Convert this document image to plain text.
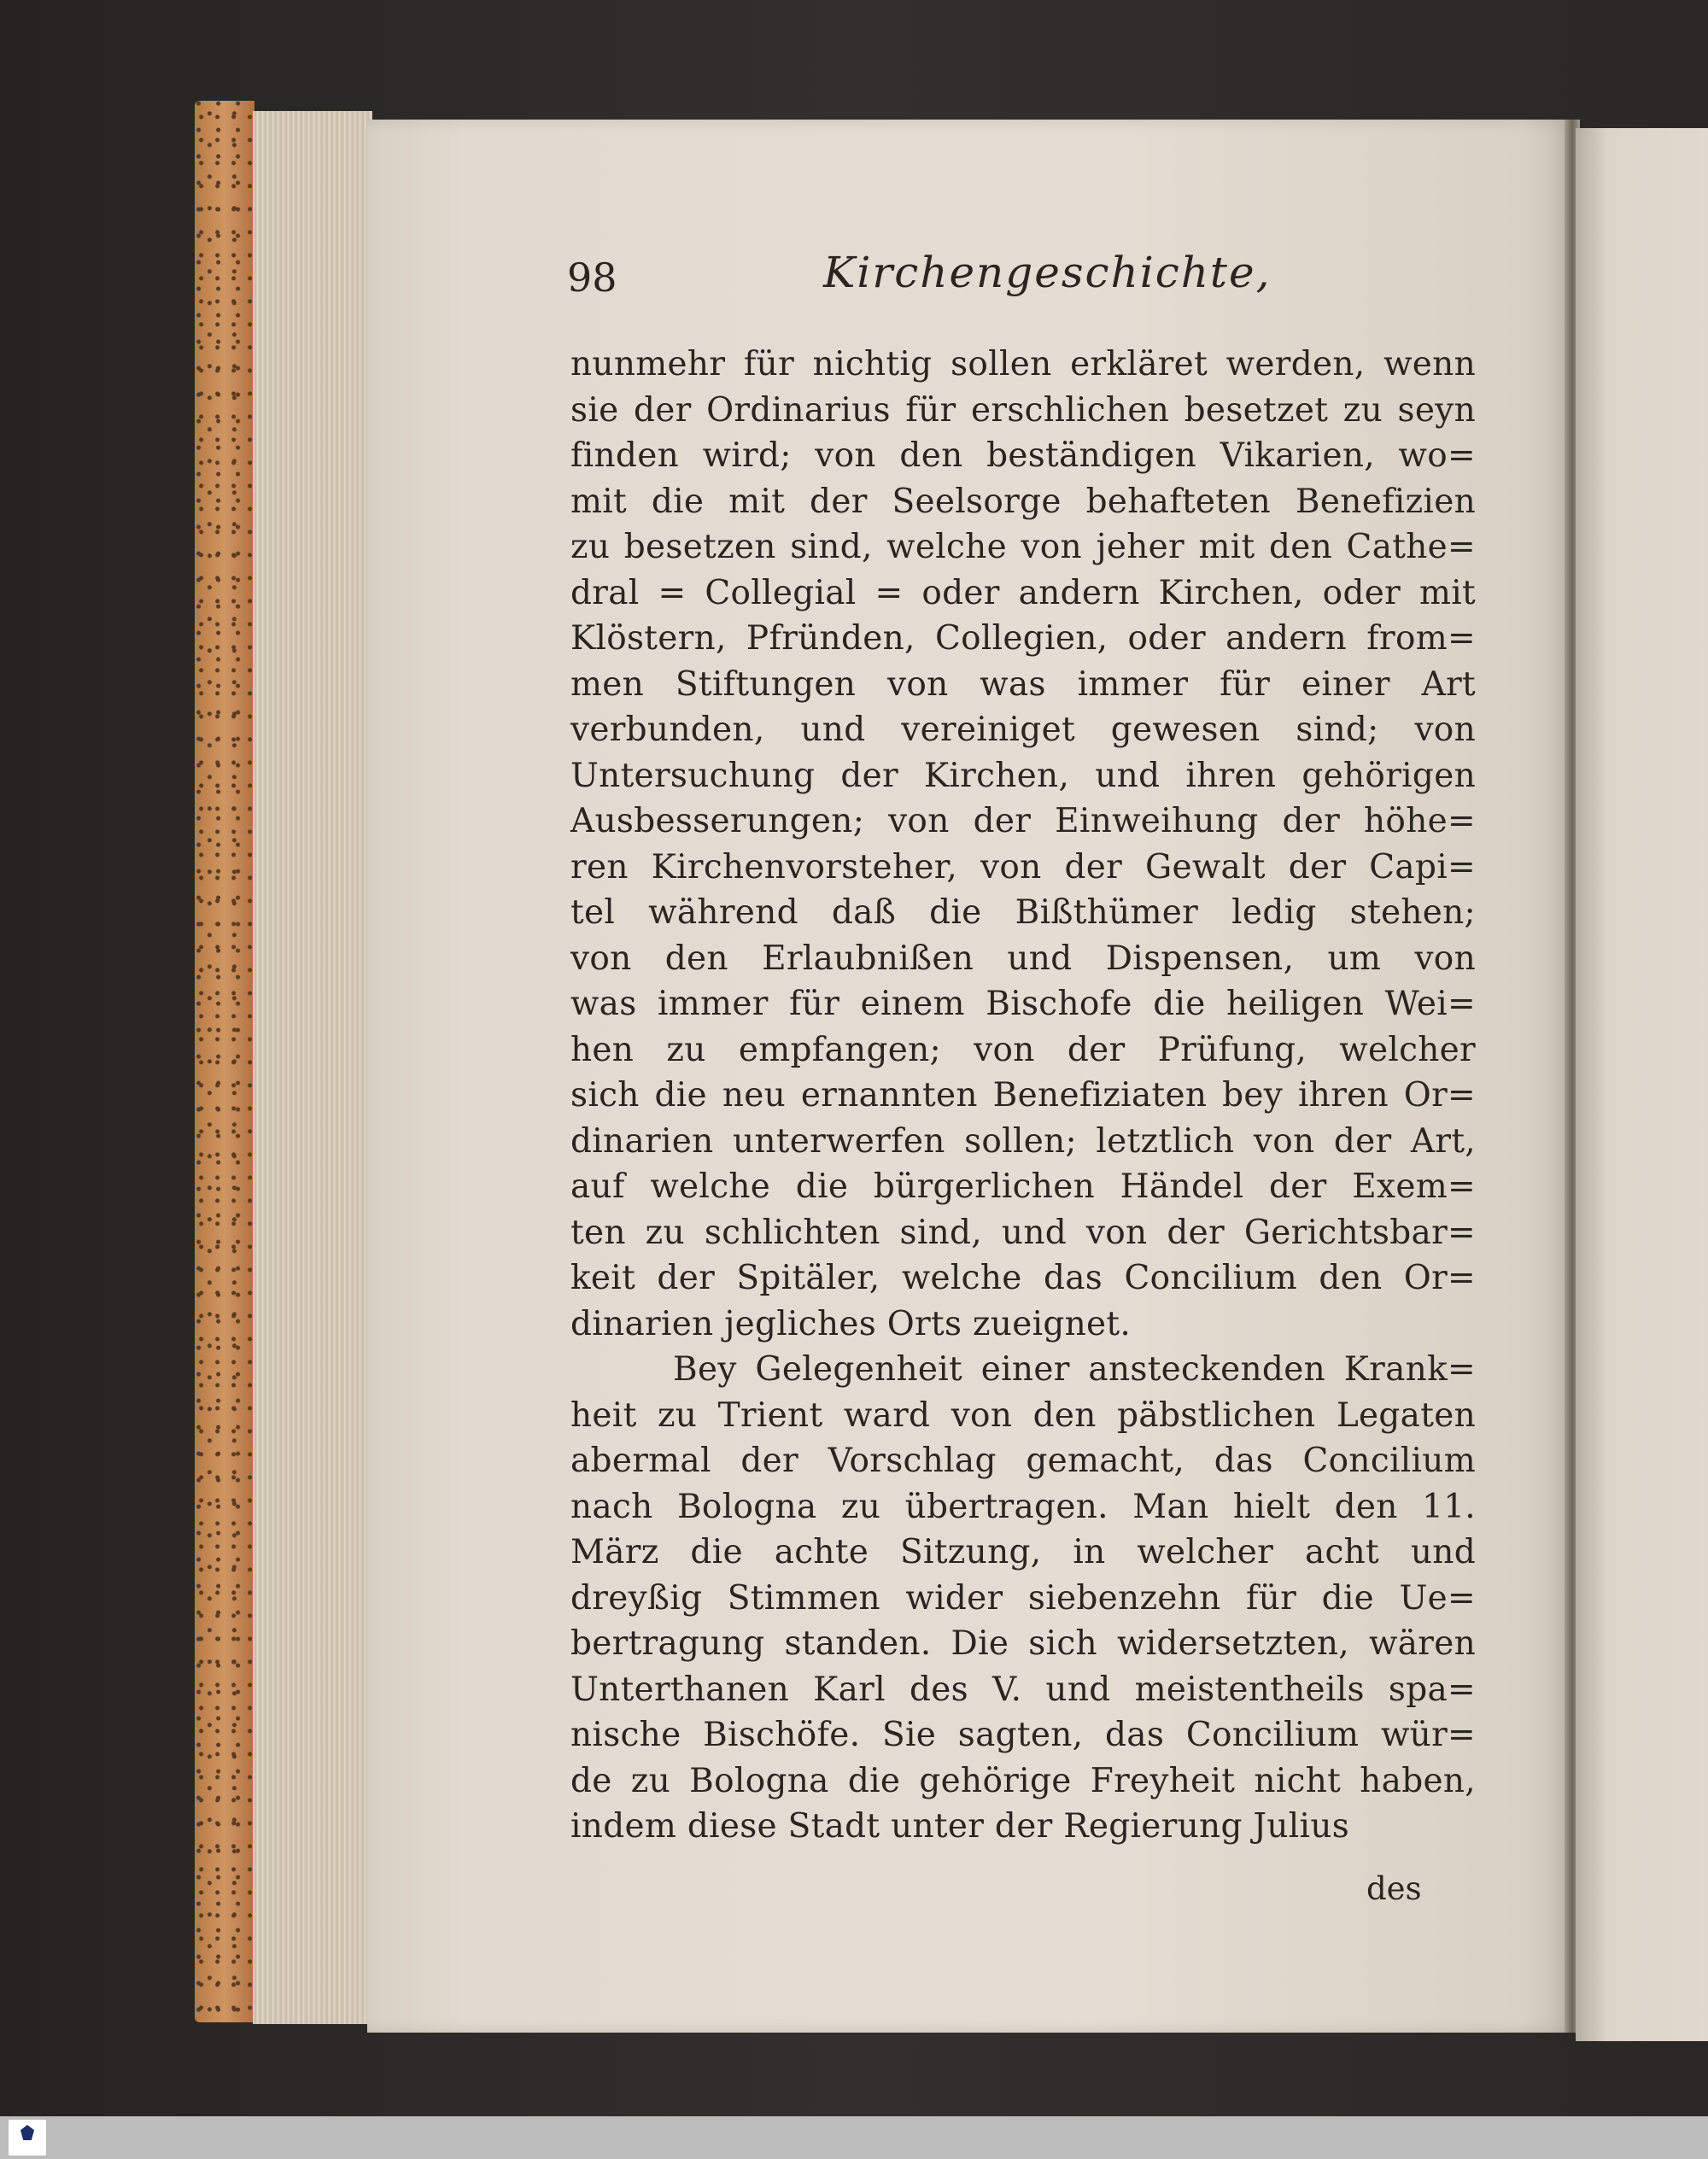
98	Kirchengeschichte,
nunmehr für nichtig sollen erkläret werden, wenn
sie der Ordinarius für erschlichen besetzet zu seyn
finden wird; von den beständigen Vikarien, wo=
mit die mit der Seelsorge behafteten Benefizien
zu besetzen sind, welche von jeher mit den Cathe=
dral = Collegial = oder andern Kirchen, oder mit
Klöstern, Pfründen, Collegien, oder andern from=
men Stiftungen von was immer für einer Art
verbunden, und vereiniget gewesen sind; von
Untersuchung der Kirchen, und ihren gehörigen
Ausbesserungen; von der Einweihung der höhe=
ren Kirchenvorsteher, von der Gewalt der Capi=
tel während daß die Bißthümer ledig stehen;
von den Erlaubnißen und Dispensen, um von
was immer für einem Bischofe die heiligen Wei=
hen zu empfangen; von der Prüfung, welcher
sich die neu ernannten Benefiziaten bey ihren Or=
dinarien unterwerfen sollen; letztlich von der Art,
auf welche die bürgerlichen Händel der Exem=
ten zu schlichten sind, und von der Gerichtsbar=
keit der Spitäler, welche das Concilium den Or=
dinarien jegliches Orts zueignet.
Bey Gelegenheit einer ansteckenden Krank=
heit zu Trient ward von den päbstlichen Legaten
abermal der Vorschlag gemacht, das Concilium
nach Bologna zu übertragen. Man hielt den 11.
März die achte Sitzung, in welcher acht und
dreyßig Stimmen wider siebenzehn für die Ue=
bertragung standen. Die sich widersetzten, wären
Unterthanen Karl des V. und meistentheils spa=
nische Bischöfe. Sie sagten, das Concilium wür=
de zu Bologna die gehörige Freyheit nicht haben,
indem diese Stadt unter der Regierung Julius
des
